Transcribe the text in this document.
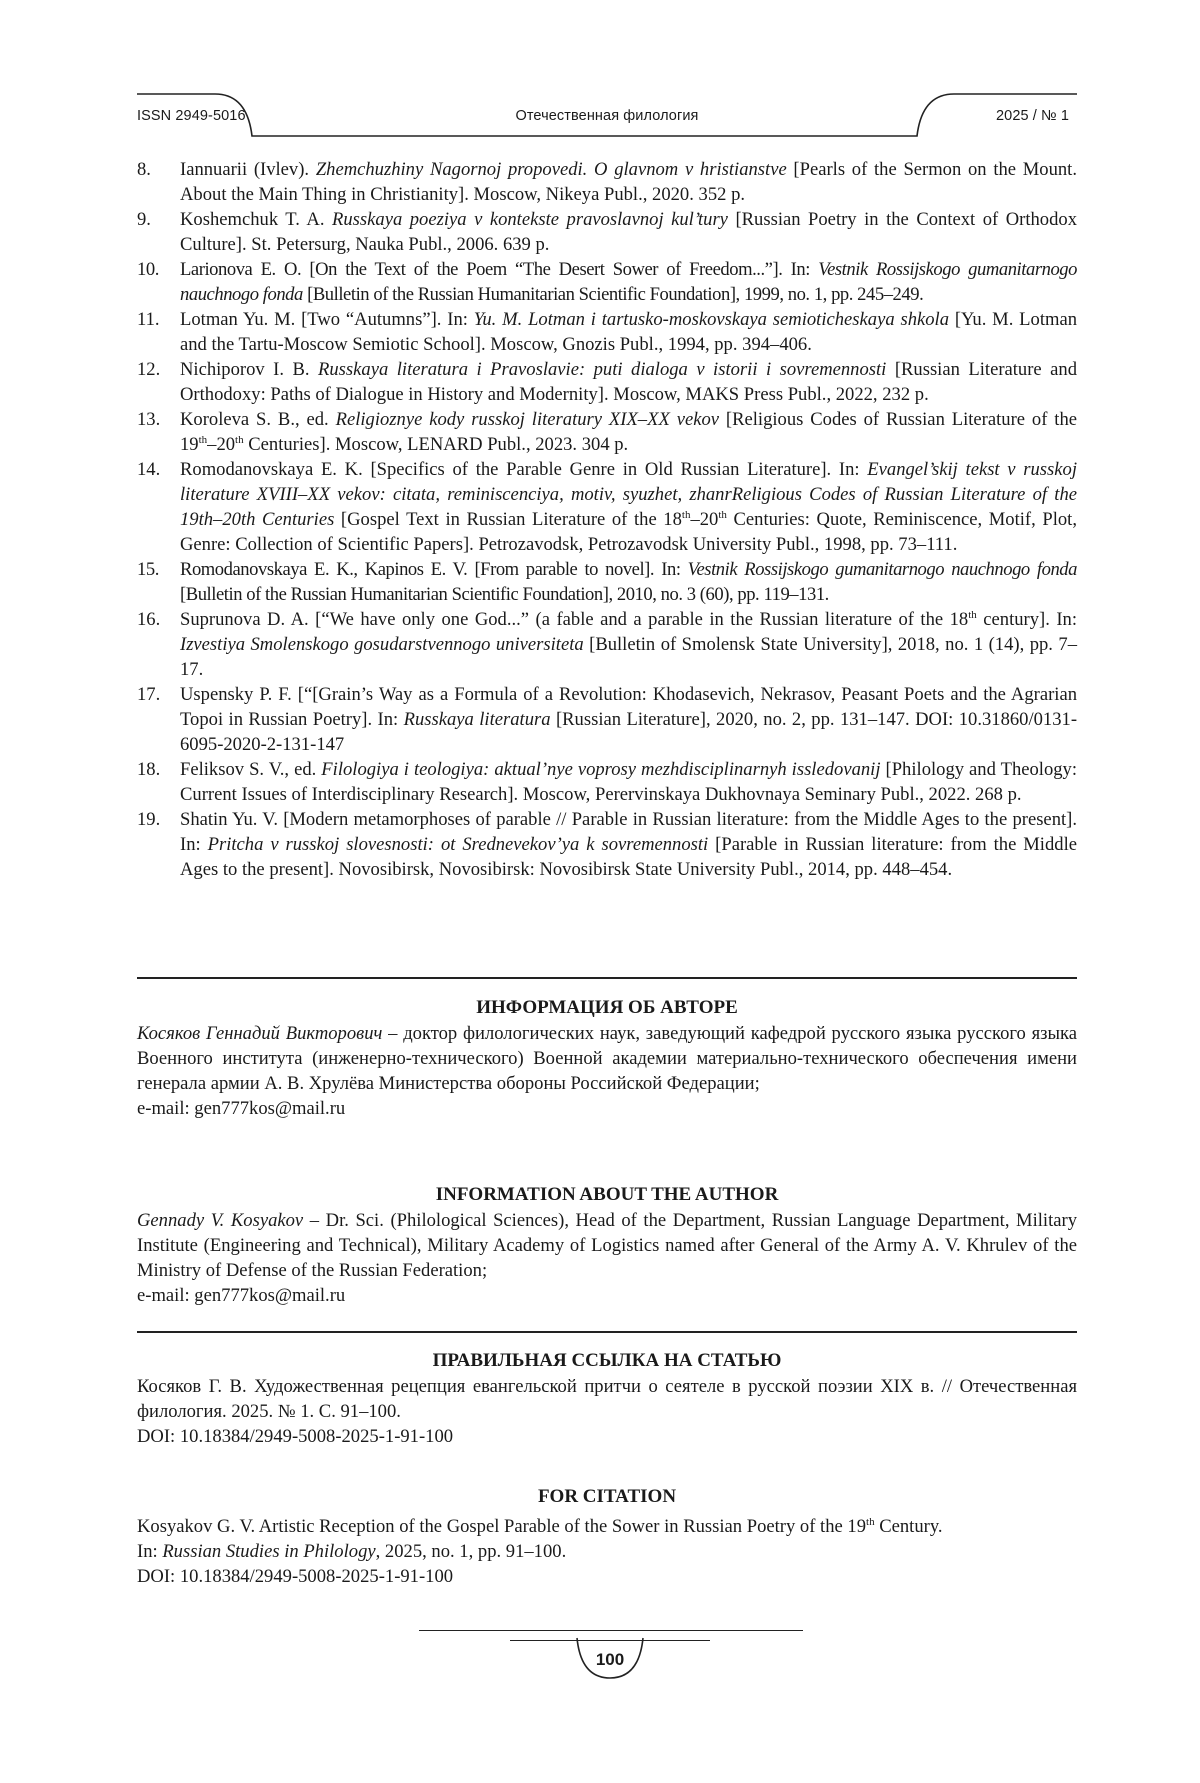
ISSN 2949-5016	Отечественная филология	2025 / № 1

8. Iannuarii (Ivlev). Zhemchuzhiny Nagornoj propovedi. O glavnom v hristianstve [Pearls of the Sermon on the Mount. About the Main Thing in Christianity]. Moscow, Nikeya Publ., 2020. 352 p.

9. Koshemchuk T. A. Russkaya poeziya v kontekste pravoslavnoj kul’tury [Russian Poetry in the Context of Orthodox Culture]. St. Petersurg, Nauka Publ., 2006. 639 p.

10. Larionova E. O. [On the Text of the Poem “The Desert Sower of Freedom...”]. In: Vestnik Rossijskogo gumanitarnogo nauchnogo fonda [Bulletin of the Russian Humanitarian Scientific Foundation], 1999, no. 1, pp. 245–249.

11. Lotman Yu. M. [Two “Autumns”]. In: Yu. M. Lotman i tartusko-moskovskaya semioticheskaya shkola [Yu. M. Lotman and the Tartu-Moscow Semiotic School]. Moscow, Gnozis Publ., 1994, pp. 394–406.

12. Nichiporov I. B. Russkaya literatura i Pravoslavie: puti dialoga v istorii i sovremennosti [Russian Literature and Orthodoxy: Paths of Dialogue in History and Modernity]. Moscow, MAKS Press Publ., 2022, 232 p.

13. Koroleva S. B., ed. Religioznye kody russkoj literatury XIX–XX vekov [Religious Codes of Russian Literature of the 19th–20th Centuries]. Moscow, LENARD Publ., 2023. 304 p.

14. Romodanovskaya E. K. [Specifics of the Parable Genre in Old Russian Literature]. In: Evangel’skij tekst v russkoj literature XVIII–XX vekov: citata, reminiscenciya, motiv, syuzhet, zhanrReligious Codes of Russian Literature of the 19th–20th Centuries [Gospel Text in Russian Literature of the 18th–20th Centuries: Quote, Reminiscence, Motif, Plot, Genre: Collection of Scientific Papers]. Petrozavodsk, Petrozavodsk University Publ., 1998, pp. 73–111.

15. Romodanovskaya E. K., Kapinos E. V. [From parable to novel]. In: Vestnik Rossijskogo gumanitarnogo nauchnogo fonda [Bulletin of the Russian Humanitarian Scientific Foundation], 2010, no. 3 (60), pp. 119–131.

16. Suprunova D. A. [“We have only one God...” (a fable and a parable in the Russian literature of the 18th century]. In: Izvestiya Smolenskogo gosudarstvennogo universiteta [Bulletin of Smolensk State University], 2018, no. 1 (14), pp. 7–17.

17. Uspensky P. F. [“[Grain’s Way as a Formula of a Revolution: Khodasevich, Nekrasov, Peasant Poets and the Agrarian Topoi in Russian Poetry]. In: Russkaya literatura [Russian Literature], 2020, no. 2, pp. 131–147. DOI: 10.31860/0131-6095-2020-2-131-147

18. Feliksov S. V., ed. Filologiya i teologiya: aktual’nye voprosy mezhdisciplinarnyh issledovanij [Philology and Theology: Current Issues of Interdisciplinary Research]. Moscow, Perervinskaya Dukhovnaya Seminary Publ., 2022. 268 p.

19. Shatin Yu. V. [Modern metamorphoses of parable // Parable in Russian literature: from the Middle Ages to the present]. In: Pritcha v russkoj slovesnosti: ot Srednevekov’ya k sovremennosti [Parable in Russian literature: from the Middle Ages to the present]. Novosibirsk, Novosibirsk: Novosibirsk State University Publ., 2014, pp. 448–454.

ИНФОРМАЦИЯ ОБ АВТОРЕ

Косяков Геннадий Викторович – доктор филологических наук, заведующий кафедрой русского языка русского языка Военного института (инженерно-технического) Военной академии материально-технического обеспечения имени генерала армии А. В. Хрулёва Министерства обороны Российской Федерации;

e-mail: gen777kos@mail.ru

INFORMATION ABOUT THE AUTHOR

Gennady V. Kosyakov – Dr. Sci. (Philological Sciences), Head of the Department, Russian Language Department, Military Institute (Engineering and Technical), Military Academy of Logistics named after General of the Army A. V. Khrulev of the Ministry of Defense of the Russian Federation;

e-mail: gen777kos@mail.ru

ПРАВИЛЬНАЯ ССЫЛКА НА СТАТЬЮ

Косяков Г. В. Художественная рецепция евангельской притчи о сеятеле в русской поэзии XIX в. // Отечественная филология. 2025. № 1. С. 91–100.

DOI: 10.18384/2949-5008-2025-1-91-100

FOR CITATION

Kosyakov G. V. Artistic Reception of the Gospel Parable of the Sower in Russian Poetry of the 19th Century.
In: Russian Studies in Philology, 2025, no. 1, pp. 91–100.

DOI: 10.18384/2949-5008-2025-1-91-100

100
